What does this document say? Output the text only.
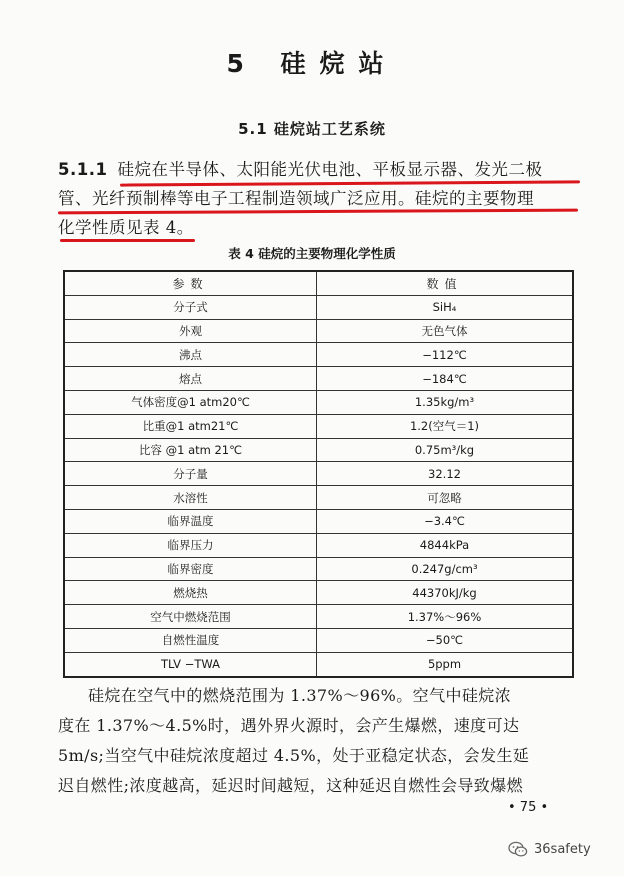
5 硅烷站
5.1 硅烷站工艺系统
5.1.1 硅烷在半导体、太阳能光伏电池、平板显示器、发光二极
管、光纤预制棒等电子工程制造领域广泛应用。硅烷的主要物理
化学性质见表 4。
表 4 硅烷的主要物理化学性质
参数	数值
分子式	SiH₄
外观	无色气体
沸点	−112℃
熔点	−184℃
气体密度@1 atm20℃	1.35kg/m³
比重@1 atm21℃	1.2(空气＝1)
比容 @1 atm 21℃	0.75m³/kg
分子量	32.12
水溶性	可忽略
临界温度	−3.4℃
临界压力	4844kPa
临界密度	0.247g/cm³
燃烧热	44370kJ/kg
空气中燃烧范围	1.37%～96%
自燃性温度	−50℃
TLV −TWA	5ppm
硅烷在空气中的燃烧范围为 1.37%～96%。空气中硅烷浓
度在 1.37%～4.5%时，遇外界火源时，会产生爆燃，速度可达
5m/s;当空气中硅烷浓度超过 4.5%，处于亚稳定状态，会发生延
迟自燃性;浓度越高，延迟时间越短，这种延迟自燃性会导致爆燃
• 75 •
36safety
